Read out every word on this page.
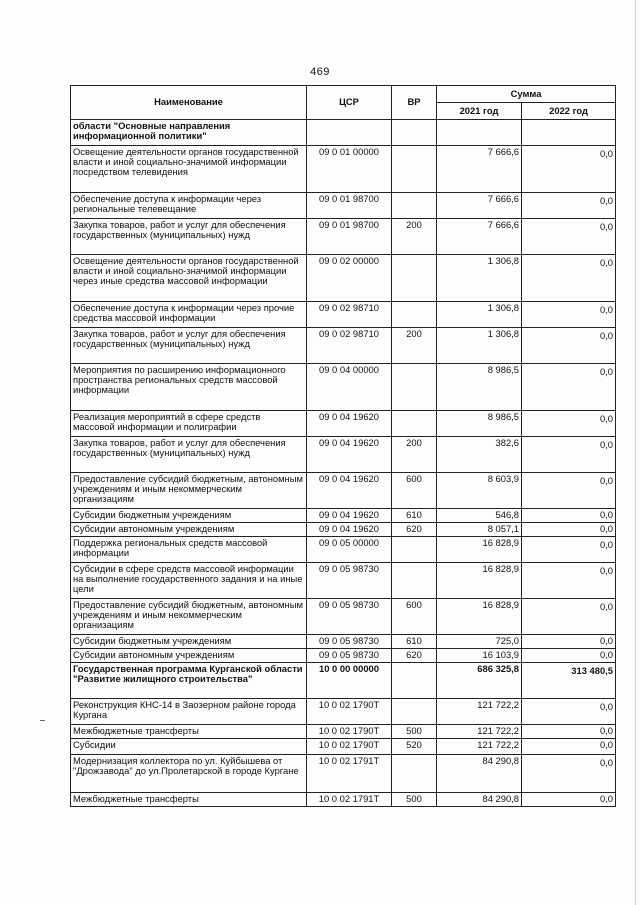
469
Наименование	ЦСР	ВР	Сумма	
			2021 год	2022 год
области "Основные направления информационной политики"				
Освещение деятельности органов государственной власти и иной социально-значимой информации посредством телевидения	09 0 01 00000		7 666,6	0,0
Обеспечение доступа к информации через региональные телевещание	09 0 01 98700		7 666,6	0,0
Закупка товаров, работ и услуг для обеспечения государственных (муниципальных) нужд	09 0 01 98700	200	7 666,6	0,0
Освещение деятельности органов государственной власти и иной социально-значимой информации через иные средства массовой информации	09 0 02 00000		1 306,8	0,0
Обеспечение доступа к информации через прочие средства массовой информации	09 0 02 98710		1 306,8	0,0
Закупка товаров, работ и услуг для обеспечения государственных (муниципальных) нужд	09 0 02 98710	200	1 306,8	0,0
Мероприятия по расширению информационного пространства региональных средств массовой информации	09 0 04 00000		8 986,5	0,0
Реализация мероприятий в сфере средств массовой информации и полиграфии	09 0 04 19620		8 986,5	0,0
Закупка товаров, работ и услуг для обеспечения государственных (муниципальных) нужд	09 0 04 19620	200	382,6	0,0
Предоставление субсидий бюджетным, автономным учреждениям и иным некоммерческим организациям	09 0 04 19620	600	8 603,9	0,0
Субсидии бюджетным учреждениям	09 0 04 19620	610	546,8	0,0
Субсидии автономным учреждениям	09 0 04 19620	620	8 057,1	0,0
Поддержка региональных средств массовой информации	09 0 05 00000		16 828,9	0,0
Субсидии в сфере средств массовой информации на выполнение государственного задания и на иные цели	09 0 05 98730		16 828,9	0,0
Предоставление субсидий бюджетным, автономным учреждениям и иным некоммерческим организациям	09 0 05 98730	600	16 828,9	0,0
Субсидии бюджетным учреждениям	09 0 05 98730	610	725,0	0,0
Субсидии автономным учреждениям	09 0 05 98730	620	16 103,9	0,0
Государственная программа Курганской области "Развитие жилищного строительства"	10 0 00 00000		686 325,8	313 480,5
Реконструкция КНС-14 в Заозерном районе города Кургана	10 0 02 1790Т		121 722,2	0,0
Межбюджетные трансферты	10 0 02 1790Т	500	121 722,2	0,0
Субсидии	10 0 02 1790Т	520	121 722,2	0,0
Модернизация коллектора по ул. Куйбышева от "Дрожзавода" до ул.Пролетарской в городе Кургане	10 0 02 1791Т		84 290,8	0,0
Межбюджетные трансферты	10 0 02 1791Т	500	84 290,8	0,0
